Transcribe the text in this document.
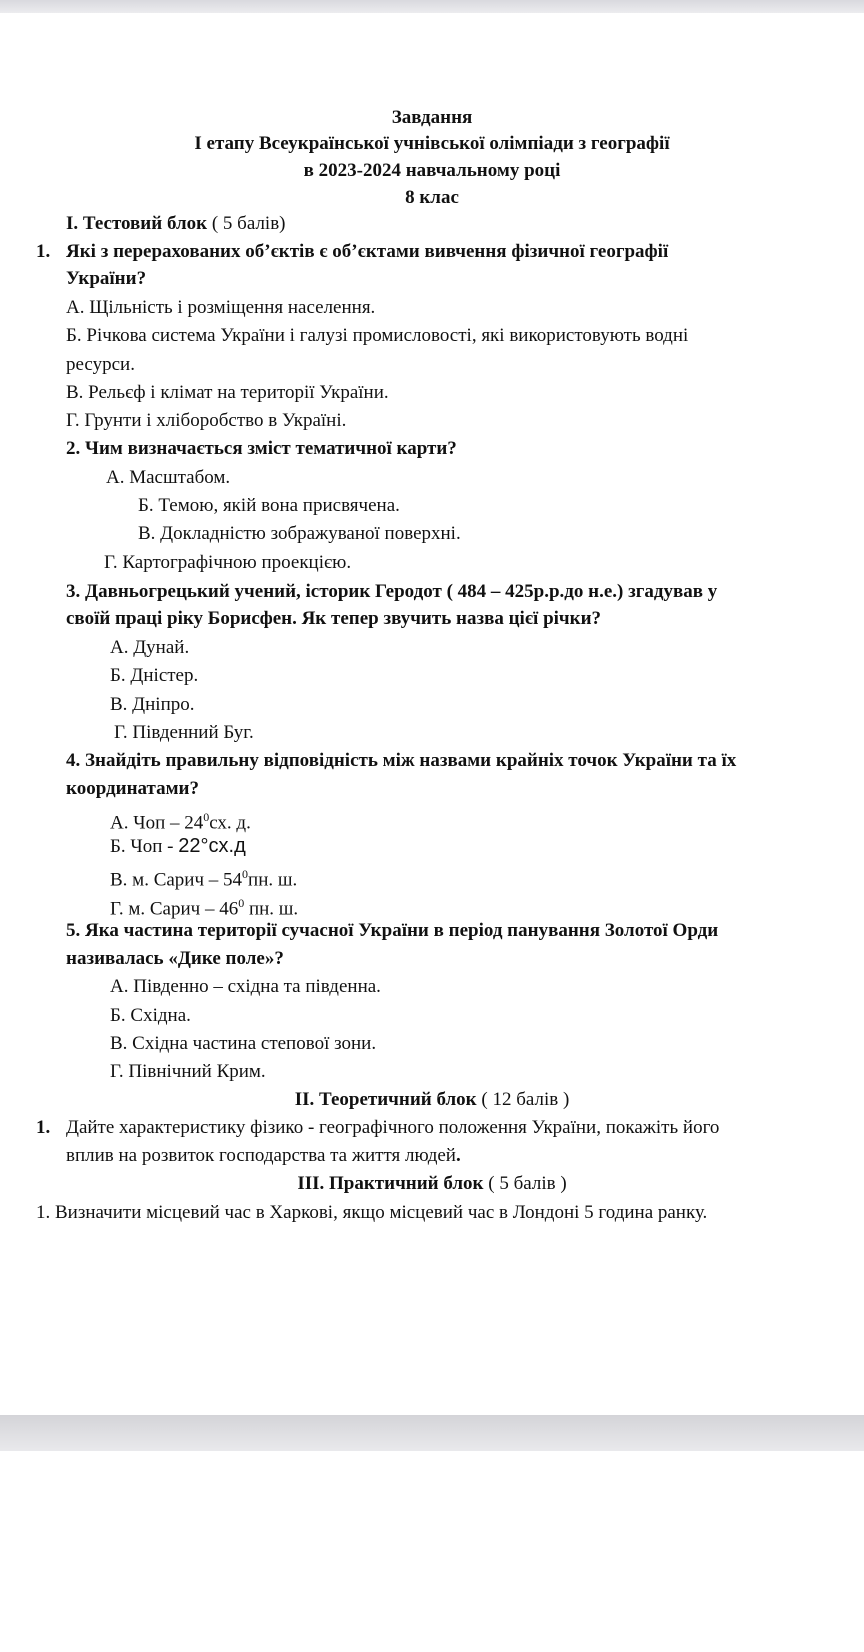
Завдання
І етапу Всеукраїнської учнівської олімпіади з географії
в 2023-2024 навчальному році
8 клас
І. Тестовий блок ( 5 балів)
1. Які з перерахованих об’єктів є об’єктами вивчення фізичної географії
України?
А. Щільність і розміщення населення.
Б. Річкова система України і галузі промисловості, які використовують водні
ресурси.
В. Рельєф і клімат на території України.
Г. Грунти і хліборобство в Україні.
2. Чим визначається зміст тематичної карти?
А. Масштабом.
Б. Темою, якій вона присвячена.
В. Докладністю зображуваної поверхні.
Г. Картографічною проекцією.
3. Давньогрецький учений, історик Геродот ( 484 – 425р.р.до н.е.) згадував у
своїй праці ріку Борисфен. Як тепер звучить назва цієї річки?
А. Дунай.
Б. Дністер.
В. Дніпро.
Г. Південний Буг.
4. Знайдіть правильну відповідність між назвами крайніх точок України та їх
координатами?
А. Чоп – $24^0сх$. д.
Б. Чоп - 22°сх.д
В. м. Сарич – $54^0пн$. ш.
Г. м. Сарич – $46^0$ пн. ш.
5. Яка частина території сучасної України в період панування Золотої Орди
називалась «Дике поле»?
А. Південно – східна та південна.
Б. Східна.
В. Східна частина степової зони.
Г. Північний Крим.
ІІ. Теоретичний блок ( 12 балів )
1. Дайте характеристику фізико - географічного положення України, покажіть його
вплив на розвиток господарства та життя людей.
ІІІ. Практичний блок ( 5 балів )
1. Визначити місцевий час в Харкові, якщо місцевий час в Лондоні 5 година ранку.
